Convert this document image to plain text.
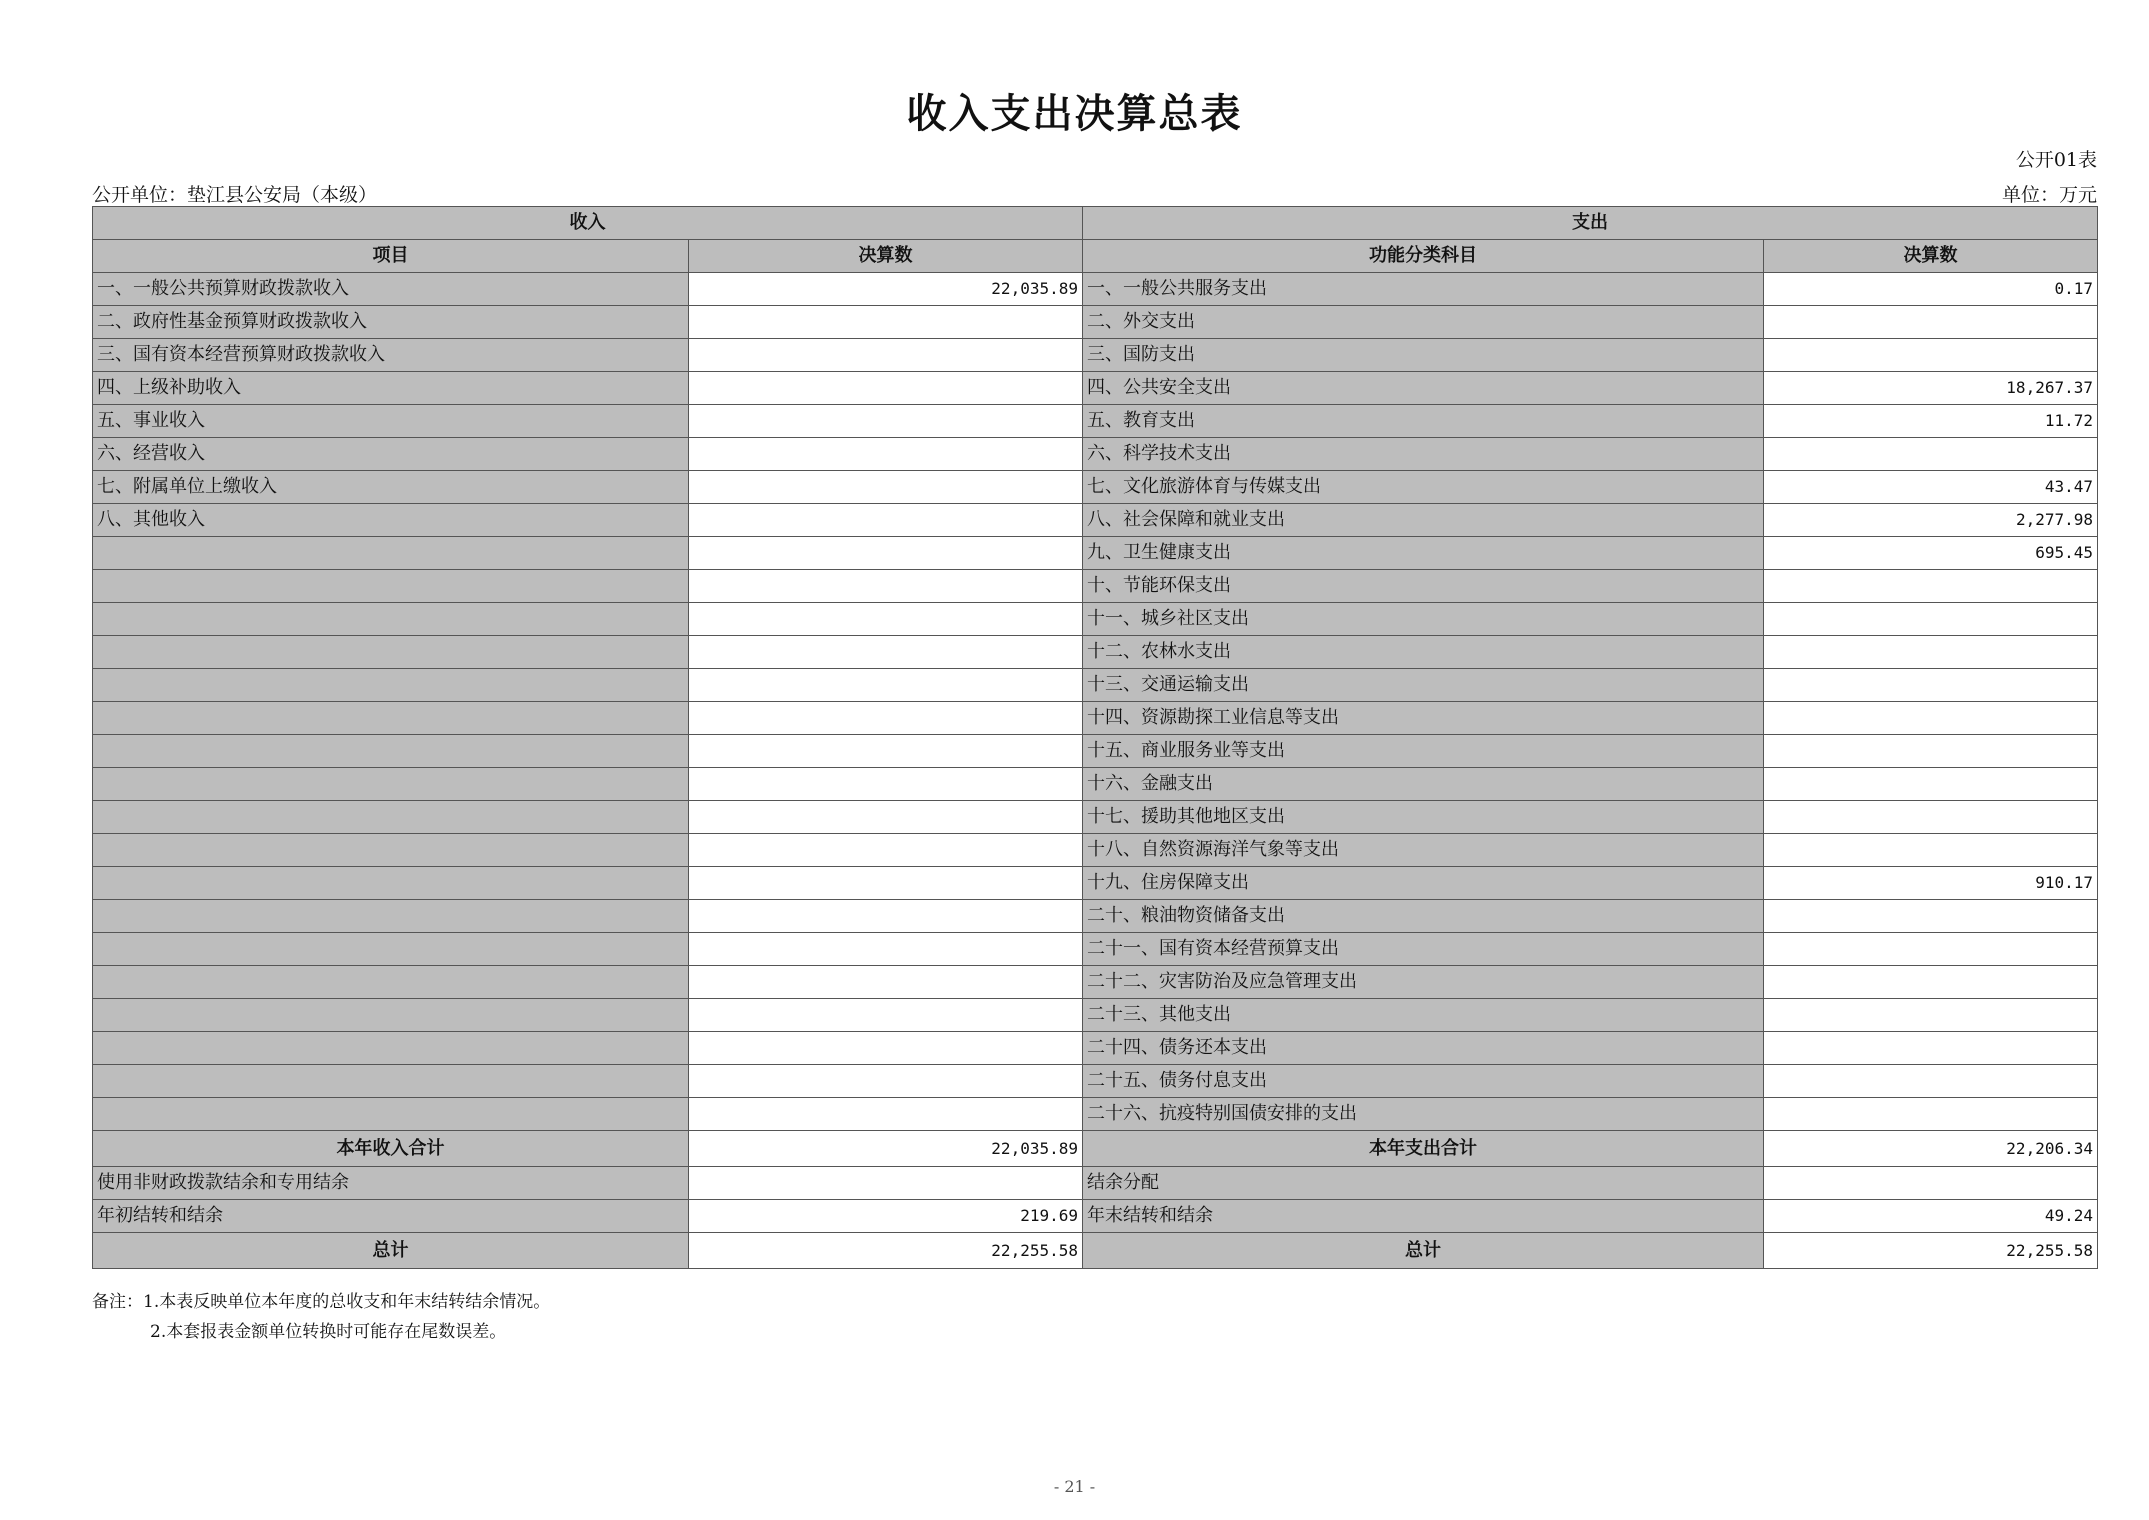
收入支出决算总表
公开01表
公开单位：垫江县公安局（本级）	单位：万元
收入		支出	
项目	决算数	功能分类科目	决算数
一、一般公共预算财政拨款收入	22,035.89	一、一般公共服务支出	0.17
二、政府性基金预算财政拨款收入		二、外交支出	
三、国有资本经营预算财政拨款收入		三、国防支出	
四、上级补助收入		四、公共安全支出	18,267.37
五、事业收入		五、教育支出	11.72
六、经营收入		六、科学技术支出	
七、附属单位上缴收入		七、文化旅游体育与传媒支出	43.47
八、其他收入		八、社会保障和就业支出	2,277.98
		九、卫生健康支出	695.45
		十、节能环保支出	
		十一、城乡社区支出	
		十二、农林水支出	
		十三、交通运输支出	
		十四、资源勘探工业信息等支出	
		十五、商业服务业等支出	
		十六、金融支出	
		十七、援助其他地区支出	
		十八、自然资源海洋气象等支出	
		十九、住房保障支出	910.17
		二十、粮油物资储备支出	
		二十一、国有资本经营预算支出	
		二十二、灾害防治及应急管理支出	
		二十三、其他支出	
		二十四、债务还本支出	
		二十五、债务付息支出	
		二十六、抗疫特别国债安排的支出	
本年收入合计	22,035.89	本年支出合计	22,206.34
使用非财政拨款结余和专用结余		结余分配	
年初结转和结余	219.69	年末结转和结余	49.24
总计	22,255.58	总计	22,255.58
备注：1.本表反映单位本年度的总收支和年末结转结余情况。
2.本套报表金额单位转换时可能存在尾数误差。
- 21 -
